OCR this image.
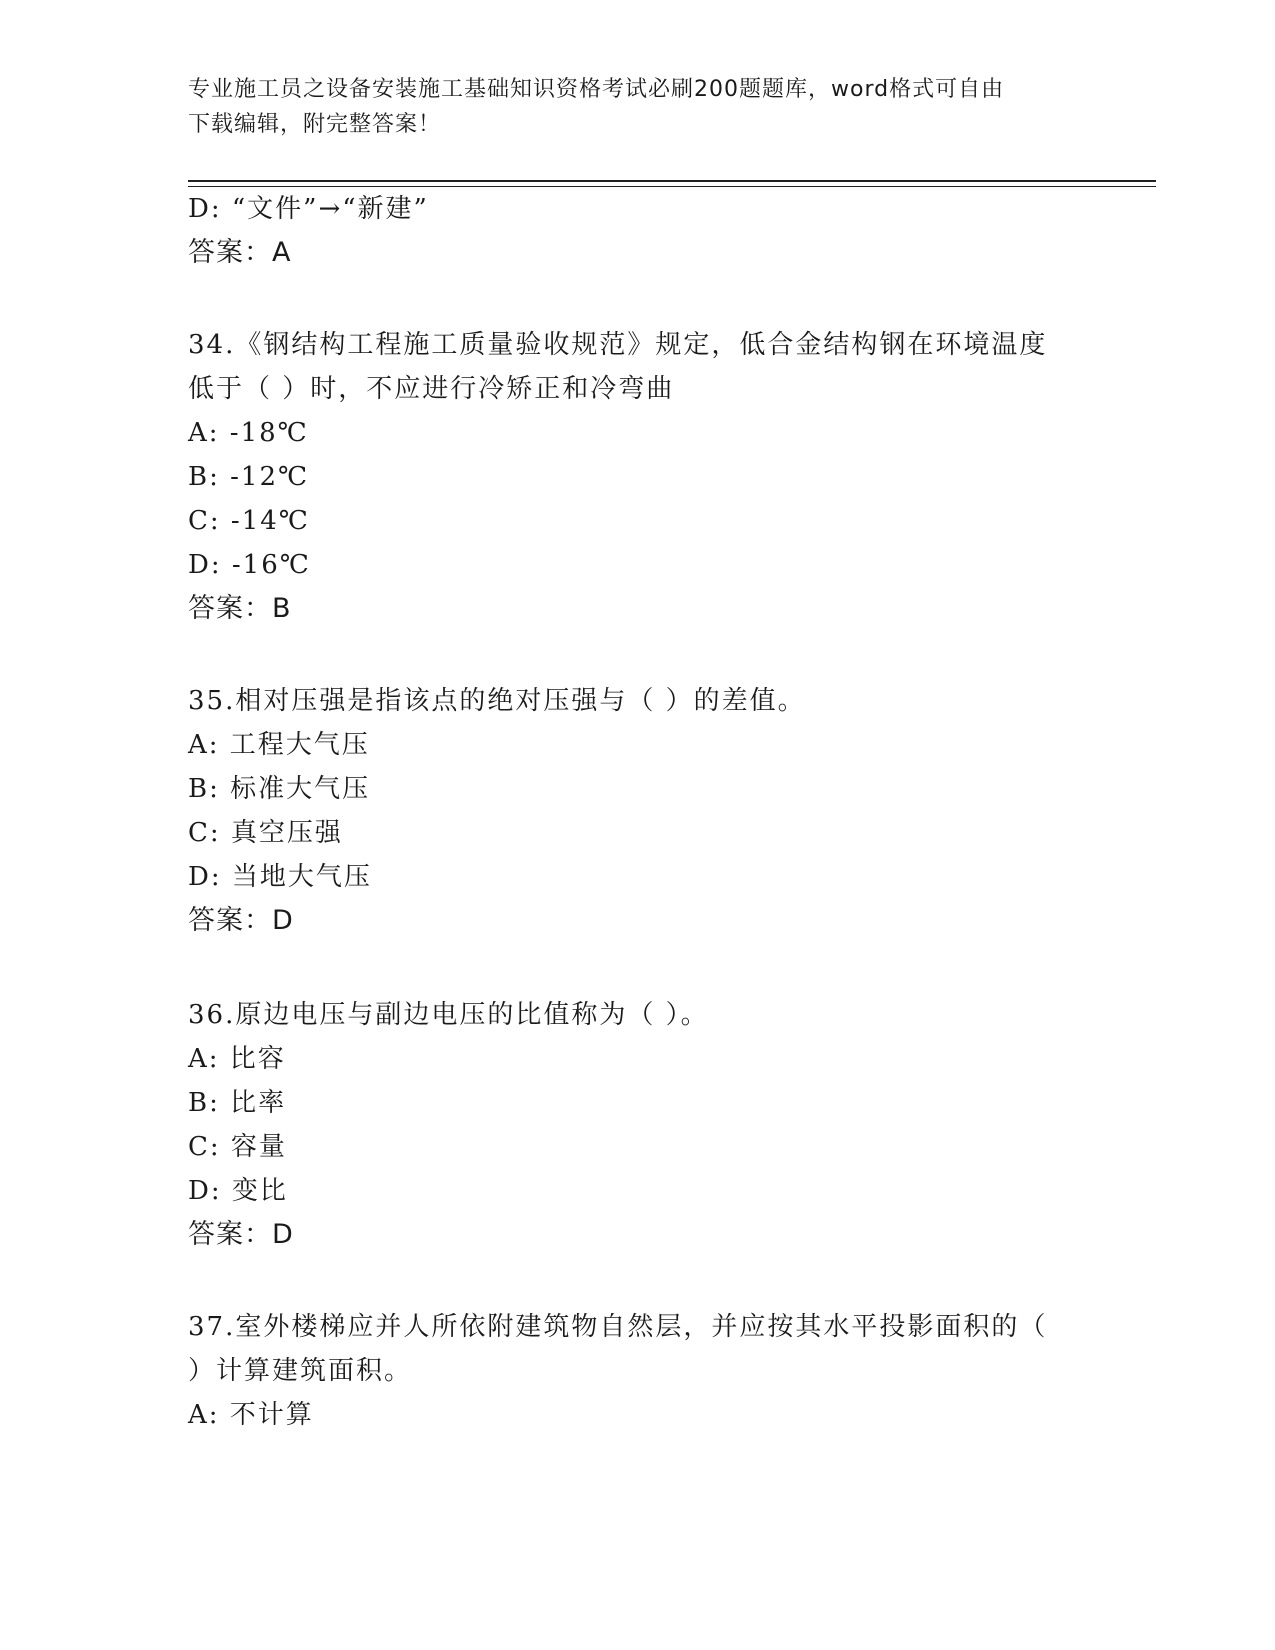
专业施工员之设备安装施工基础知识资格考试必刷200题题库，word格式可自由
下载编辑，附完整答案！
D: “文件”→“新建”
答案：A
34.《钢结构工程施工质量验收规范》规定，低合金结构钢在环境温度
低于（ ）时，不应进行冷矫正和冷弯曲
A: -18℃
B: -12℃
C: -14℃
D: -16℃
答案：B
35.相对压强是指该点的绝对压强与（ ）的差值。
A: 工程大气压
B: 标准大气压
C: 真空压强
D: 当地大气压
答案：D
36.原边电压与副边电压的比值称为（ ）。
A: 比容
B: 比率
C: 容量
D: 变比
答案：D
37.室外楼梯应并人所依附建筑物自然层，并应按其水平投影面积的（
）计算建筑面积。
A: 不计算
